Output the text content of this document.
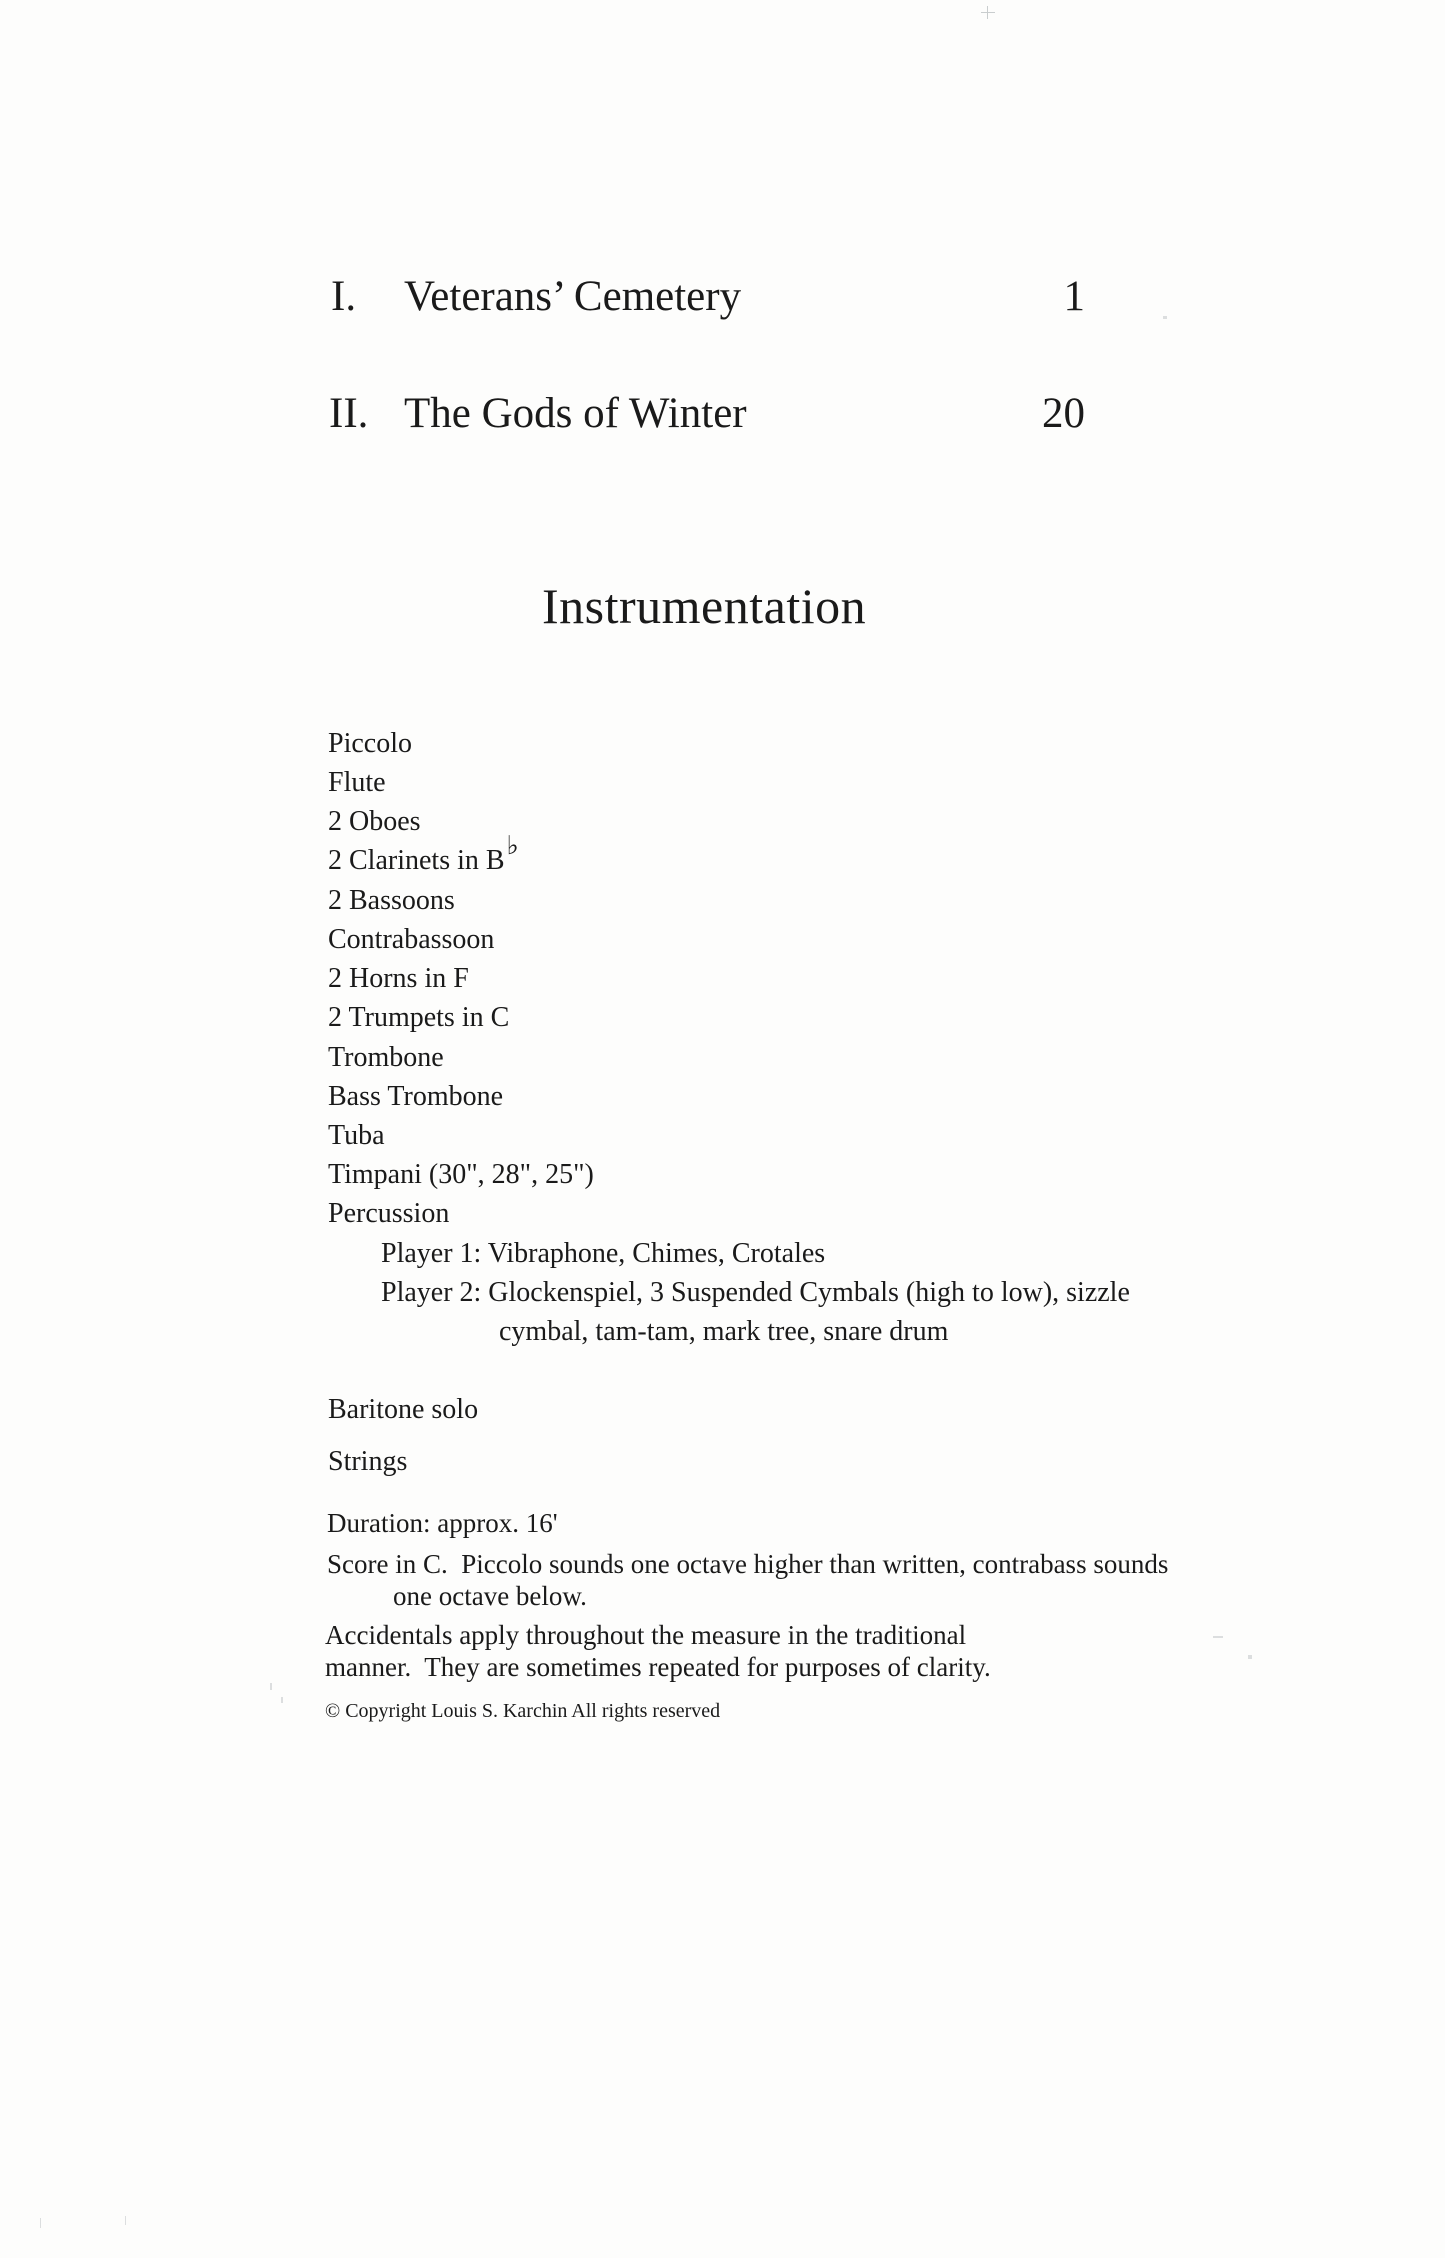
I. Veterans’ Cemetery	1
II. The Gods of Winter	20
Instrumentation
Piccolo
Flute
2 Oboes
2 Clarinets in B♭
2 Bassoons
Contrabassoon
2 Horns in F
2 Trumpets in C
Trombone
Bass Trombone
Tuba
Timpani (30", 28", 25")
Percussion
Player 1: Vibraphone, Chimes, Crotales
Player 2: Glockenspiel, 3 Suspended Cymbals (high to low), sizzle
cymbal, tam-tam, mark tree, snare drum
Baritone solo
Strings
Duration: approx. 16'
Score in C.  Piccolo sounds one octave higher than written, contrabass sounds
one octave below.
Accidentals apply throughout the measure in the traditional
manner.  They are sometimes repeated for purposes of clarity.
© Copyright Louis S. Karchin All rights reserved
